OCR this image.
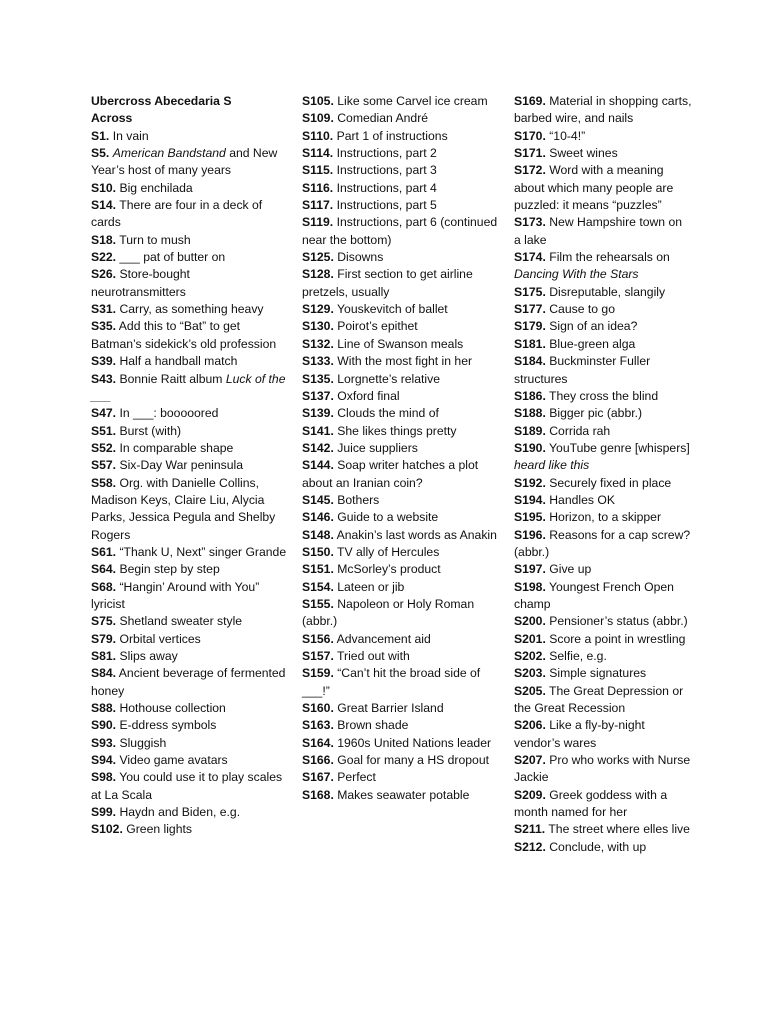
Ubercross Abecedaria S
Across

S1. In vain

S5. American Bandstand and New Year’s host of many years

S10. Big enchilada

S14. There are four in a deck of cards

S18. Turn to mush

S22. ___ pat of butter on

S26. Store-bought neurotransmitters

S31. Carry, as something heavy

S35. Add this to “Bat” to get Batman’s sidekick’s old profession

S39. Half a handball match

S43. Bonnie Raitt album Luck of the ___

S47. In ___: booooored

S51. Burst (with)

S52. In comparable shape

S57. Six-Day War peninsula

S58. Org. with Danielle Collins, Madison Keys, Claire Liu, Alycia Parks, Jessica Pegula and Shelby Rogers

S61. “Thank U, Next” singer Grande

S64. Begin step by step

S68. “Hangin’ Around with You” lyricist

S75. Shetland sweater style

S79. Orbital vertices

S81. Slips away

S84. Ancient beverage of fermented honey

S88. Hothouse collection

S90. E-ddress symbols

S93. Sluggish

S94. Video game avatars

S98. You could use it to play scales at La Scala

S99. Haydn and Biden, e.g.

S102. Green lights

S105. Like some Carvel ice cream

S109. Comedian André

S110. Part 1 of instructions

S114. Instructions, part 2

S115. Instructions, part 3

S116. Instructions, part 4

S117. Instructions, part 5

S119. Instructions, part 6 (continued near the bottom)

S125. Disowns

S128. First section to get airline pretzels, usually

S129. Youskevitch of ballet

S130. Poirot’s epithet

S132. Line of Swanson meals

S133. With the most fight in her

S135. Lorgnette’s relative

S137. Oxford final

S139. Clouds the mind of

S141. She likes things pretty

S142. Juice suppliers

S144. Soap writer hatches a plot about an Iranian coin?

S145. Bothers

S146. Guide to a website

S148. Anakin’s last words as Anakin

S150. TV ally of Hercules

S151. McSorley’s product

S154. Lateen or jib

S155. Napoleon or Holy Roman (abbr.)

S156. Advancement aid

S157. Tried out with

S159. “Can’t hit the broad side of ___!”

S160. Great Barrier Island

S163. Brown shade

S164. 1960s United Nations leader

S166. Goal for many a HS dropout

S167. Perfect

S168. Makes seawater potable

S169. Material in shopping carts, barbed wire, and nails

S170. “10-4!”

S171. Sweet wines

S172. Word with a meaning about which many people are puzzled: it means “puzzles”

S173. New Hampshire town on a lake

S174. Film the rehearsals on Dancing With the Stars

S175. Disreputable, slangily

S177. Cause to go

S179. Sign of an idea?

S181. Blue-green alga

S184. Buckminster Fuller structures

S186. They cross the blind

S188. Bigger pic (abbr.)

S189. Corrida rah

S190. YouTube genre [whispers] heard like this

S192. Securely fixed in place

S194. Handles OK

S195. Horizon, to a skipper

S196. Reasons for a cap screw? (abbr.)

S197. Give up

S198. Youngest French Open champ

S200. Pensioner’s status (abbr.)

S201. Score a point in wrestling

S202. Selfie, e.g.

S203. Simple signatures

S205. The Great Depression or the Great Recession

S206. Like a fly-by-night vendor’s wares

S207. Pro who works with Nurse Jackie

S209. Greek goddess with a month named for her

S211. The street where elles live

S212. Conclude, with up
